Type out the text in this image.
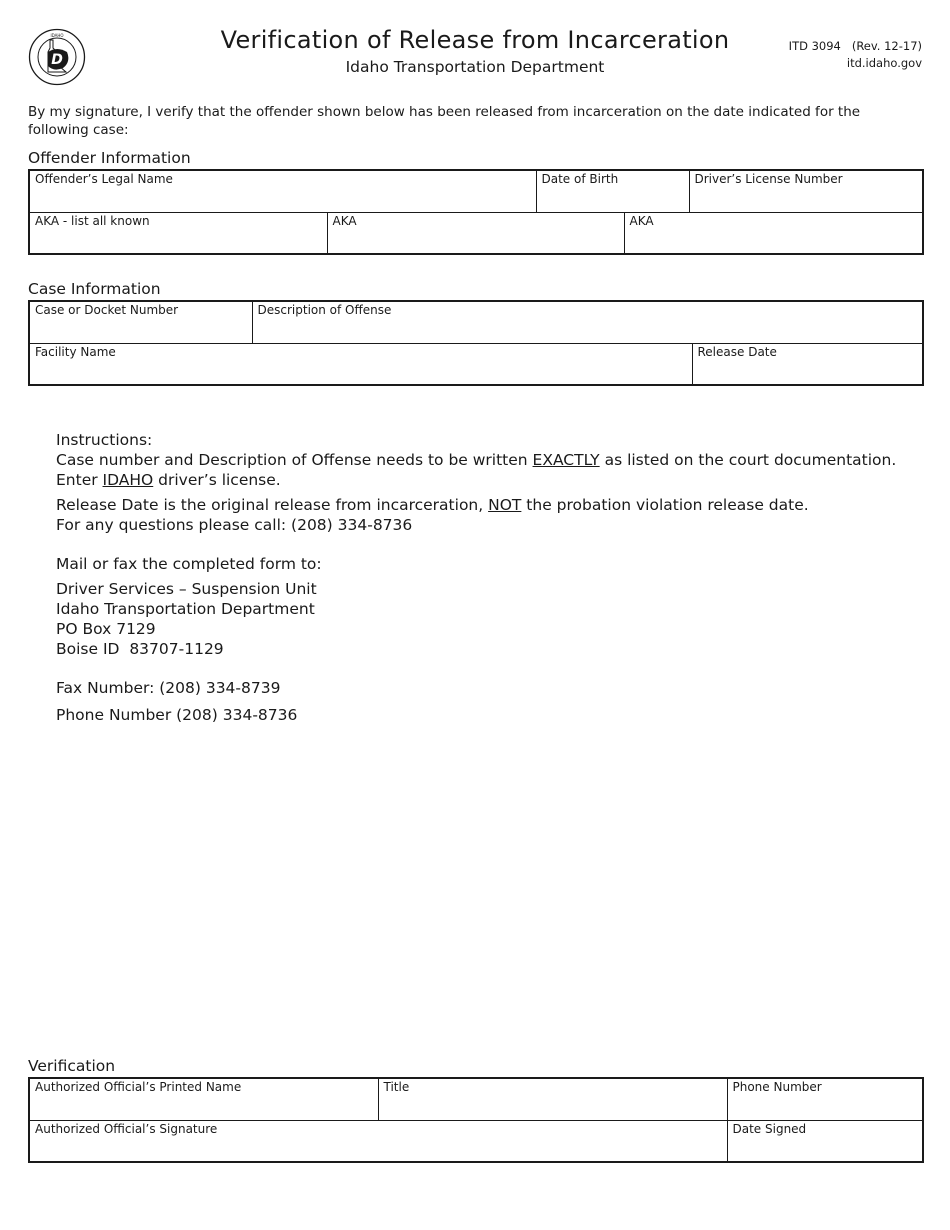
D
IDAHO	Verification of Release from Incarceration
Idaho Transportation Department
ITD 3094   (Rev. 12-17)
itd.idaho.gov
By my signature, I verify that the offender shown below has been released from incarceration on the date indicated for the following case:
Offender Information
Offender’s Legal Name		Date of Birth		Driver’s License Number
AKA - list all known	AKA		AKA	
Case Information
Case or Docket Number	Description of Offense	
Facility Name		Release Date
Instructions:
Case number and Description of Offense needs to be written EXACTLY as listed on the court documentation.
Enter IDAHO driver’s license.
Release Date is the original release from incarceration, NOT the probation violation release date.
For any questions please call: (208) 334-8736
Mail or fax the completed form to:
Driver Services – Suspension Unit
Idaho Transportation Department
PO Box 7129
Boise ID  83707-1129
Fax Number: (208) 334-8739
Phone Number (208) 334-8736
Verification
Authorized Official’s Printed Name	Title	Phone Number
Authorized Official’s Signature		Date Signed
